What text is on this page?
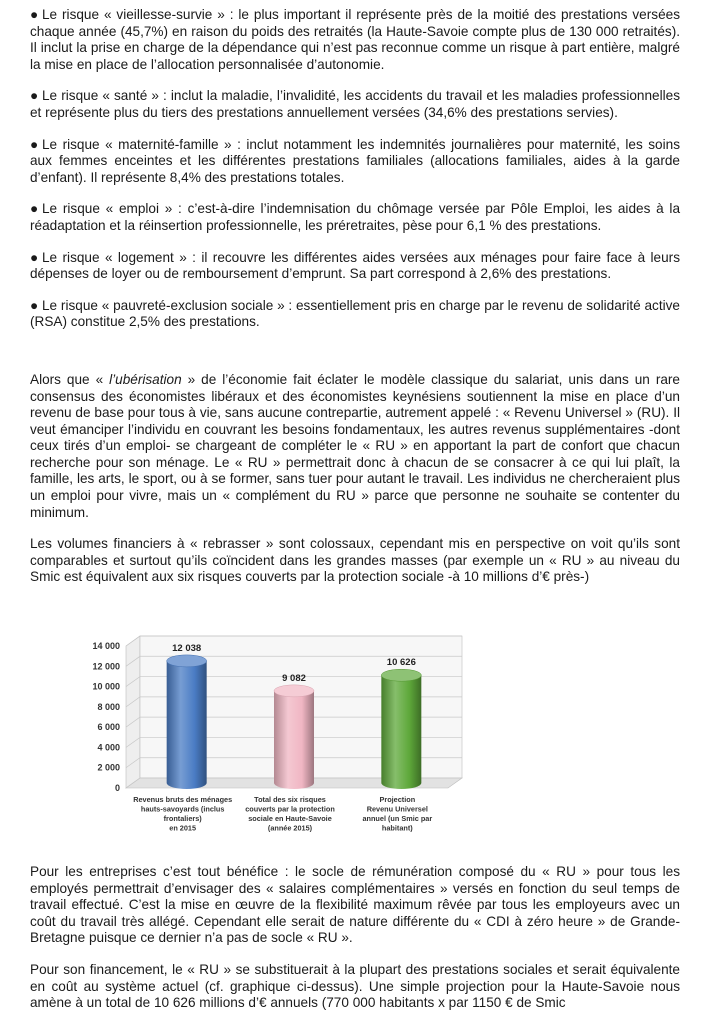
● Le risque « vieillesse-survie » : le plus important il représente près de la moitié des prestations versées chaque année (45,7%) en raison du poids des retraités (la Haute-Savoie compte plus de 130 000 retraités). Il inclut la prise en charge de la dépendance qui n’est pas reconnue comme un risque à part entière, malgré la mise en place de l’allocation personnalisée d’autonomie.

● Le risque « santé » : inclut la maladie, l’invalidité, les accidents du travail et les maladies professionnelles et représente plus du tiers des prestations annuellement versées (34,6% des prestations servies).

● Le risque « maternité-famille » : inclut notamment les indemnités journalières pour maternité, les soins aux femmes enceintes et les différentes prestations familiales (allocations familiales, aides à la garde d’enfant). Il représente 8,4% des prestations totales.

● Le risque « emploi » : c’est-à-dire l’indemnisation du chômage versée par Pôle Emploi, les aides à la réadaptation et la réinsertion professionnelle, les préretraites, pèse pour 6,1 % des prestations.

● Le risque « logement » : il recouvre les différentes aides versées aux ménages pour faire face à leurs dépenses de loyer ou de remboursement d’emprunt. Sa part correspond à 2,6% des prestations.

● Le risque « pauvreté-exclusion sociale » : essentiellement pris en charge par le revenu de solidarité active (RSA) constitue 2,5% des prestations.

Alors que « l’ubérisation » de l’économie fait éclater le modèle classique du salariat, unis dans un rare consensus des économistes libéraux et des économistes keynésiens soutiennent la mise en place d’un revenu de base pour tous à vie, sans aucune contrepartie, autrement appelé : « Revenu Universel » (RU). Il veut émanciper l’individu en couvrant les besoins fondamentaux, les autres revenus supplémentaires -dont ceux tirés d’un emploi- se chargeant de compléter le « RU » en apportant la part de confort que chacun recherche pour son ménage. Le « RU » permettrait donc à chacun de se consacrer à ce qui lui plaît, la famille, les arts, le sport, ou à se former, sans tuer pour autant le travail. Les individus ne chercheraient plus un emploi pour vivre, mais un « complément du RU » parce que personne ne souhaite se contenter du minimum.

Les volumes financiers à « rebrasser » sont colossaux, cependant mis en perspective on voit qu’ils sont comparables et surtout qu’ils coïncident dans les grandes masses (par exemple un « RU » au niveau du Smic est équivalent aux six risques couverts par la protection sociale -à 10 millions d’€ près-)

0
2 000
4 000
6 000
8 000
10 000
12 000
14 000	12 038
Revenus bruts des ménages
hauts-savoyards (inclus
frontaliers)
en 2015
9 082
Total des six risques
couverts par la protection
sociale en Haute-Savoie
(année 2015)
10 626
Projection
Revenu Universel
annuel (un Smic par
habitant)

Pour les entreprises c’est tout bénéfice : le socle de rémunération composé du « RU » pour tous les employés permettrait d’envisager des « salaires complémentaires » versés en fonction du seul temps de travail effectué. C’est la mise en œuvre de la flexibilité maximum rêvée par tous les employeurs avec un coût du travail très allégé. Cependant elle serait de nature différente du « CDI à zéro heure » de Grande-Bretagne puisque ce dernier n’a pas de socle « RU ».

Pour son financement, le « RU » se substituerait à la plupart des prestations sociales et serait équivalente en coût au système actuel (cf. graphique ci-dessus). Une simple projection pour la Haute-Savoie nous amène à un total de 10 626 millions d’€ annuels (770 000 habitants x par 1150 € de Smic
